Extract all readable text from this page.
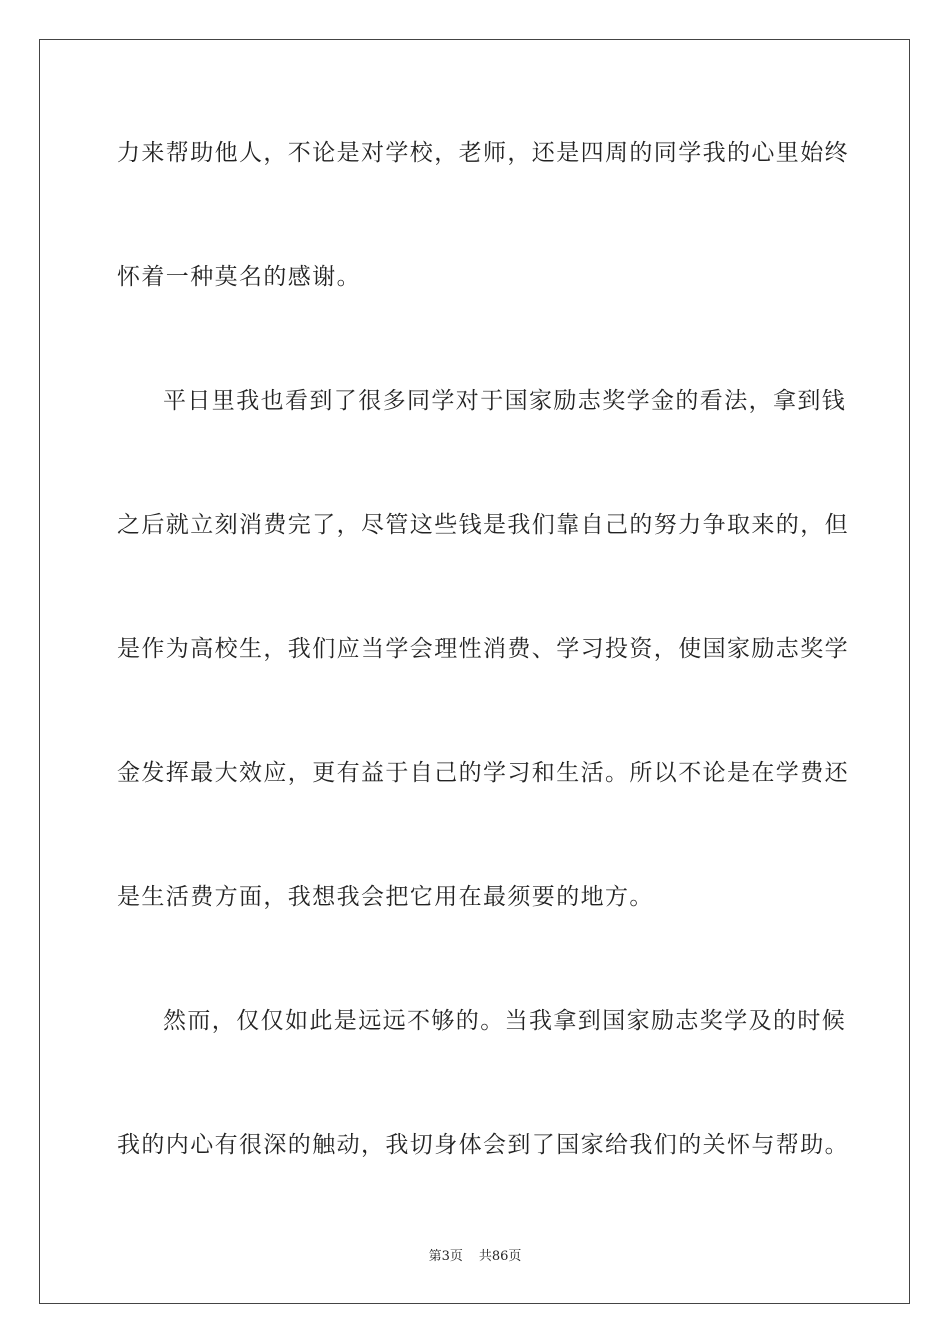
力来帮助他人，不论是对学校，老师，还是四周的同学我的心里始终
怀着一种莫名的感谢。
平日里我也看到了很多同学对于国家励志奖学金的看法，拿到钱
之后就立刻消费完了，尽管这些钱是我们靠自己的努力争取来的，但
是作为高校生，我们应当学会理性消费、学习投资，使国家励志奖学
金发挥最大效应，更有益于自己的学习和生活。所以不论是在学费还
是生活费方面，我想我会把它用在最须要的地方。
然而，仅仅如此是远远不够的。当我拿到国家励志奖学及的时候
我的内心有很深的触动，我切身体会到了国家给我们的关怀与帮助。
第3页 共86页
